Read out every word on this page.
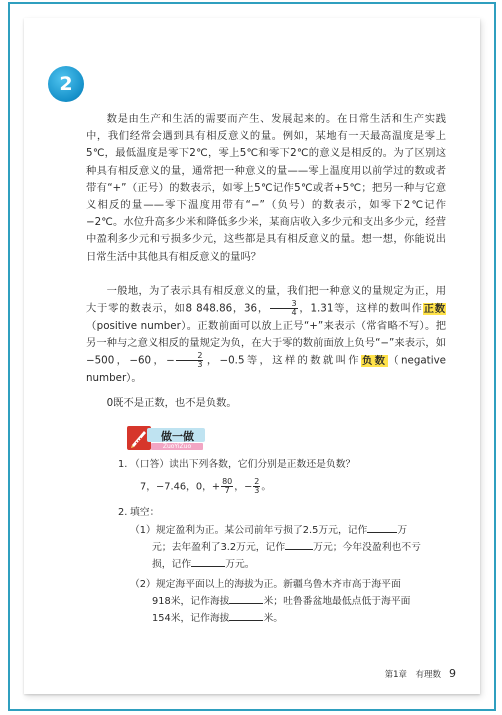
2

数是由生产和生活的需要而产生、发展起来的。在日常生活和生产实践中，我们经常会遇到具有相反意义的量。例如，某地有一天最高温度是零上5℃，最低温度是零下2℃，零上5℃和零下2℃的意义是相反的。为了区别这种具有相反意义的量，通常把一种意义的量——零上温度用以前学过的数或者带有“+”（正号）的数表示，如零上5℃记作5℃或者+5℃；把另一种与它意义相反的量——零下温度用带有“−”（负号）的数表示，如零下2℃记作−2℃。水位升高多少米和降低多少米，某商店收入多少元和支出多少元，经营中盈利多少元和亏损多少元，这些都是具有相反意义的量。想一想，你能说出日常生活中其他具有相反意义的量吗？

一般地，为了表示具有相反意义的量，我们把一种意义的量规定为正，用大于零的数表示，如8 848.86，36， $\frac{3}{4}$ ，1.31等，这样的数叫作正数（positive number）。正数前面可以放上正号“+”来表示（常省略不写）。把另一种与之意义相反的量规定为负，在大于零的数前面放上负号“−”来表示，如−500，−60，− $\frac{2}{3}$ ，−0.5等，这样的数就叫作负数（negative number）。

0既不是正数，也不是负数。

做一做
ZuoYiZuo
1. （口答）读出下列各数，它们分别是正数还是负数？
7，−7.46，0，+ $\frac{80}{7}$ ，− $\frac{2}{3}$ 。
2. 填空：
（1）规定盈利为正。某公司前年亏损了2.5万元，记作	万
元；去年盈利了3.2万元，记作	万元；今年没盈利也不亏
损，记作	万元。
（2）规定海平面以上的海拔为正。新疆乌鲁木齐市高于海平面
918米，记作海拔	米；吐鲁番盆地最低点低于海平面
154米，记作海拔	米。
第1章　有理数 9
